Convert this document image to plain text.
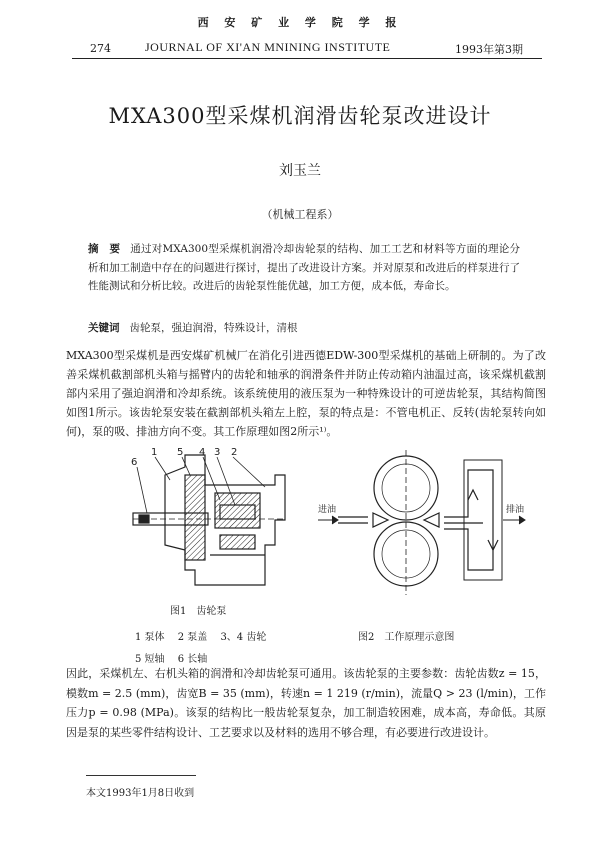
西 安 矿 业 学 院 学 报
274	JOURNAL OF XI'AN MNINING INSTITUTE	1993年第3期
MXA300型采煤机润滑齿轮泵改进设计
刘玉兰
（机械工程系）
摘　要 通过对MXA300型采煤机润滑冷却齿轮泵的结构、加工工艺和材料等方面的理论分析和加工制造中存在的问题进行探讨，提出了改进设计方案。并对原泵和改进后的样泵进行了性能测试和分析比较。改进后的齿轮泵性能优越，加工方便，成本低，寿命长。
关键词 齿轮泵，强迫润滑，特殊设计，清根
MXA300型采煤机是西安煤矿机械厂在消化引进西德EDW-300型采煤机的基础上研制的。为了改善采煤机截割部机头箱与摇臂内的齿轮和轴承的润滑条件并防止传动箱内油温过高，该采煤机截割部内采用了强迫润滑和冷却系统。该系统使用的液压泵为一种特殊设计的可逆齿轮泵，其结构简图如图1所示。该齿轮泵安装在截割部机头箱左上腔，泵的特点是：不管电机正、反转(齿轮泵转向如何)，泵的吸、排油方向不变。其工作原理如图2所示¹⁾。
6
1 5 4 3 2
图1　齿轮泵
1 泵体　 2 泵盖　 3、4 齿轮
5 短轴　 6 长轴
进油	排油
图2　工作原理示意图
因此，采煤机左、右机头箱的润滑和冷却齿轮泵可通用。该齿轮泵的主要参数：齿轮齿数z = 15，模数m = 2.5 (mm)，齿宽B = 35 (mm)，转速n = 1 219 (r/min)，流量Q > 23 (l/min)，工作压力p = 0.98 (MPa)。该泵的结构比一般齿轮泵复杂，加工制造较困难，成本高，寿命低。其原因是泵的某些零件结构设计、工艺要求以及材料的选用不够合理，有必要进行改进设计。
本文1993年1月8日收到
